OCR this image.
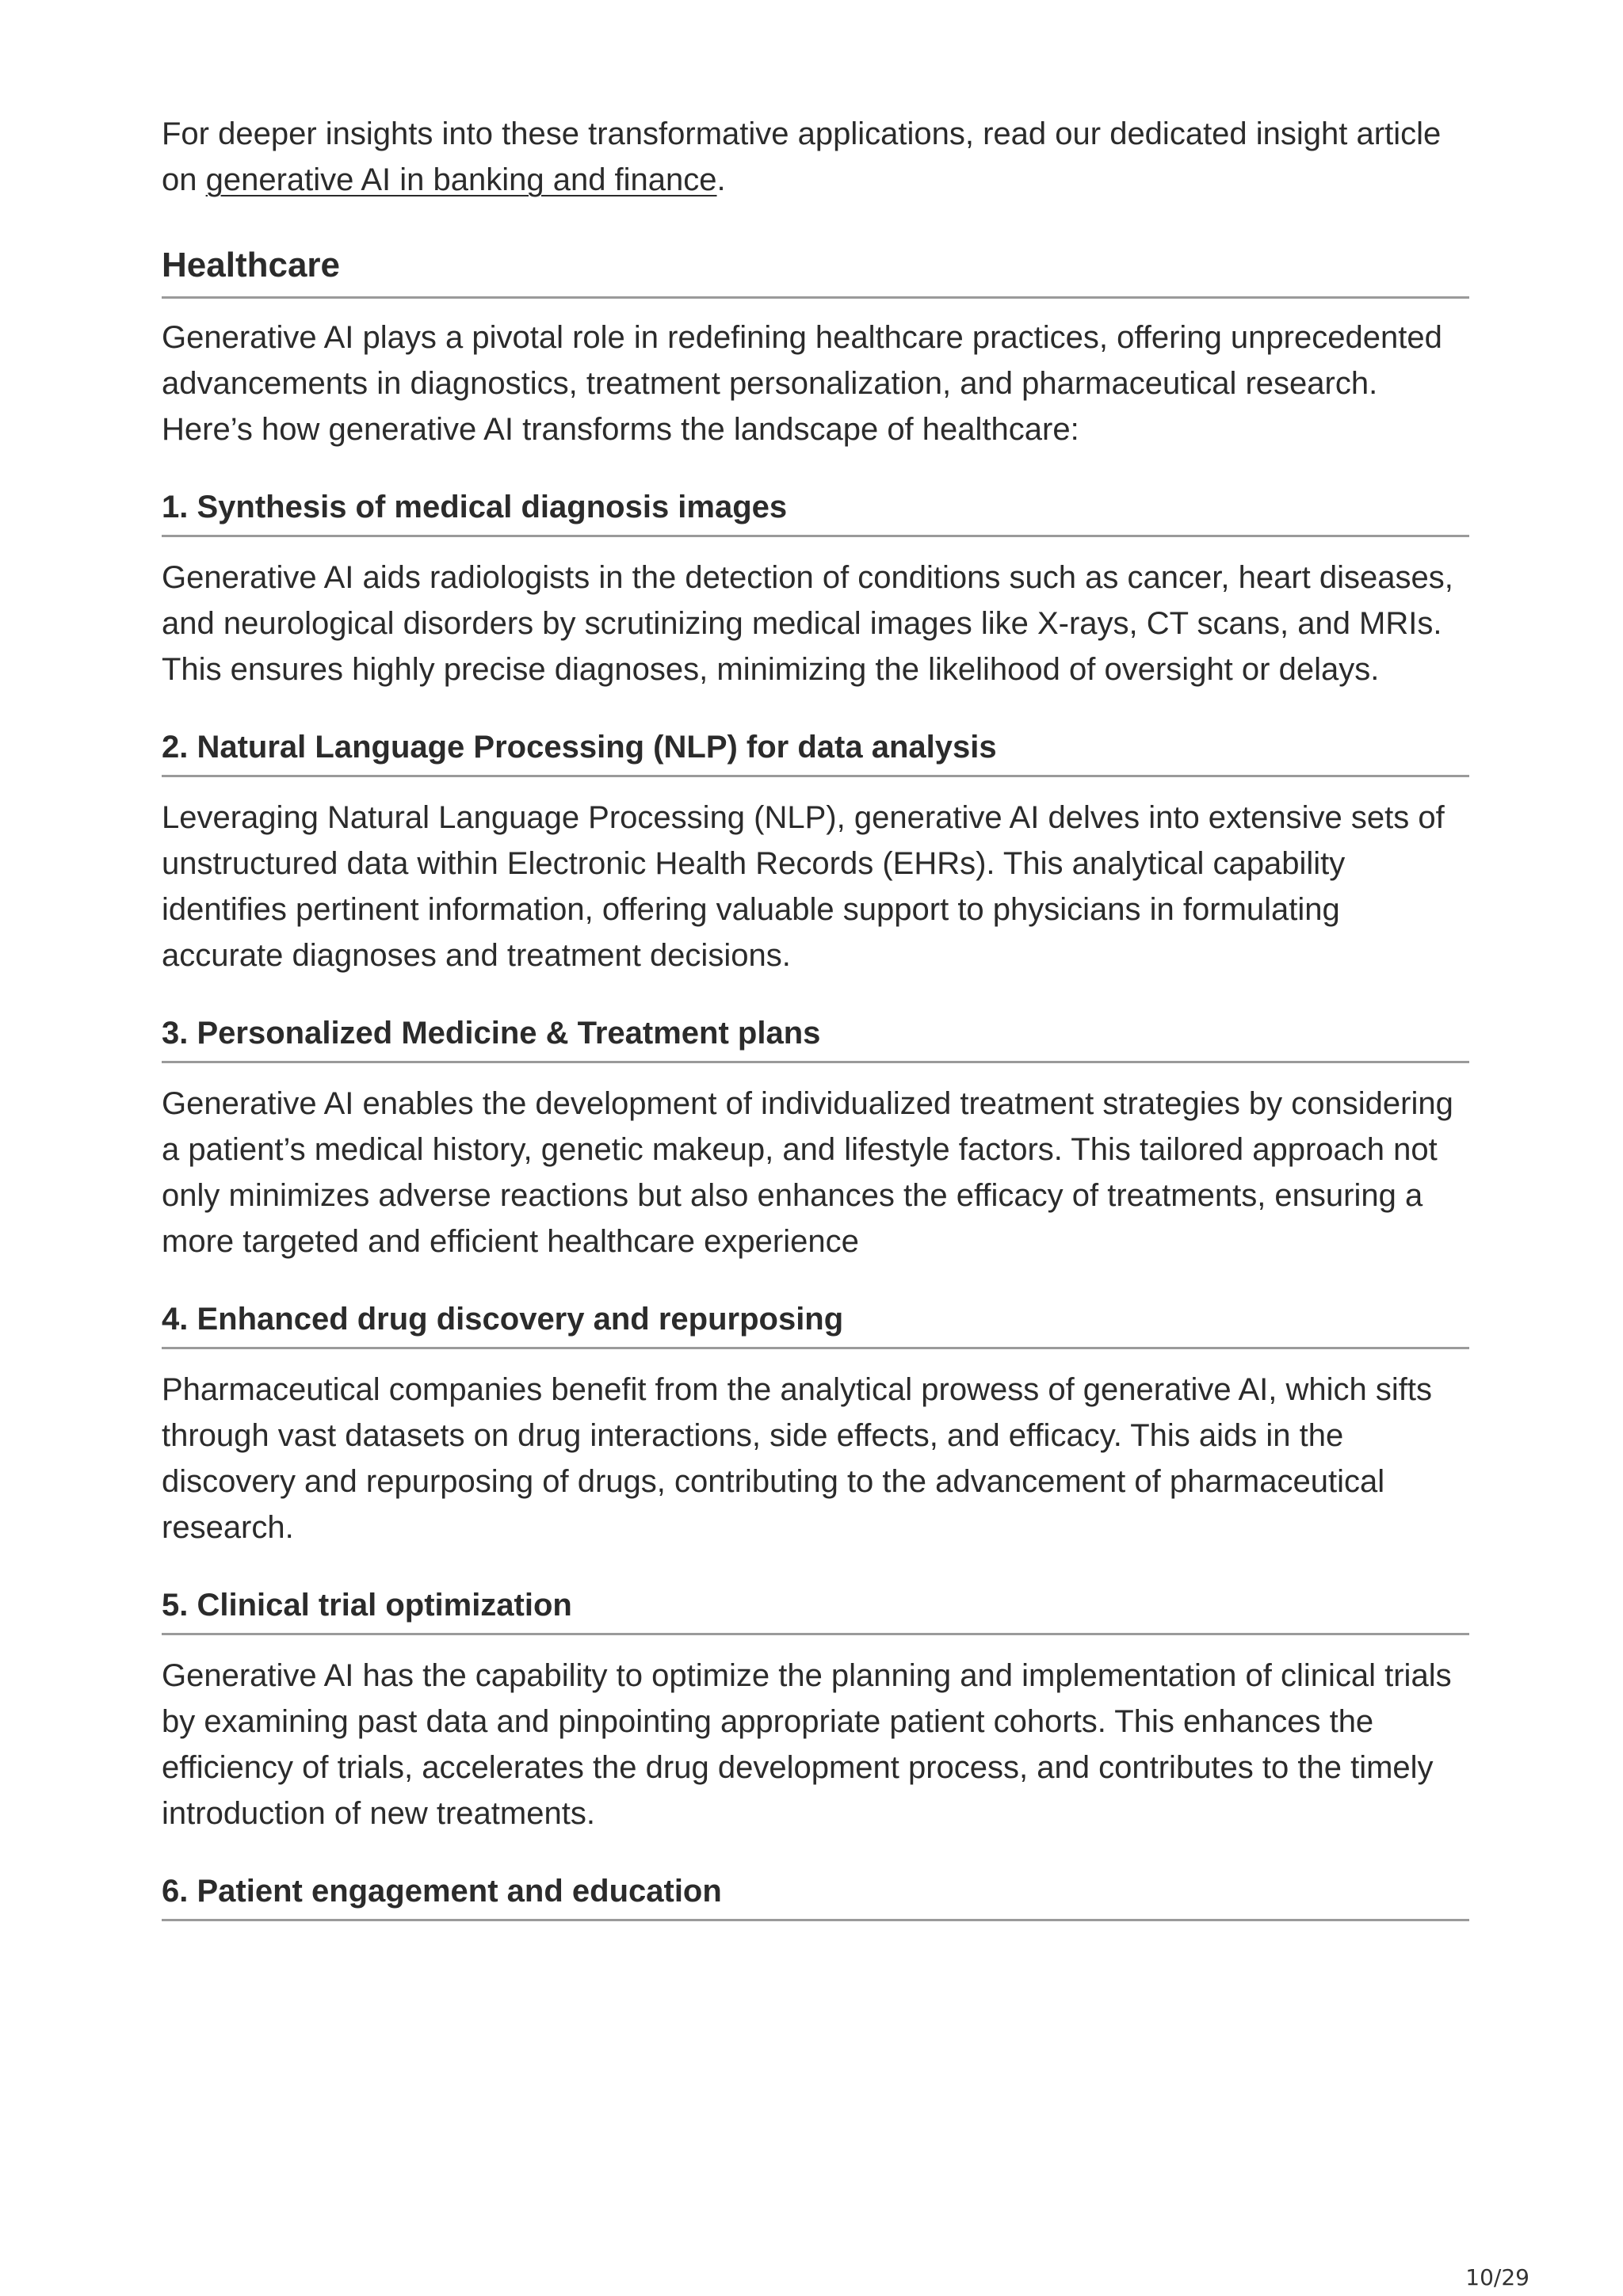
For deeper insights into these transformative applications, read our dedicated insight article on generative AI in banking and finance.

Healthcare

Generative AI plays a pivotal role in redefining healthcare practices, offering unprecedented advancements in diagnostics, treatment personalization, and pharmaceutical research. Here’s how generative AI transforms the landscape of healthcare:

1. Synthesis of medical diagnosis images

Generative AI aids radiologists in the detection of conditions such as cancer, heart diseases, and neurological disorders by scrutinizing medical images like X-rays, CT scans, and MRIs. This ensures highly precise diagnoses, minimizing the likelihood of oversight or delays.

2. Natural Language Processing (NLP) for data analysis

Leveraging Natural Language Processing (NLP), generative AI delves into extensive sets of unstructured data within Electronic Health Records (EHRs). This analytical capability identifies pertinent information, offering valuable support to physicians in formulating accurate diagnoses and treatment decisions.

3. Personalized Medicine & Treatment plans

Generative AI enables the development of individualized treatment strategies by considering a patient’s medical history, genetic makeup, and lifestyle factors. This tailored approach not only minimizes adverse reactions but also enhances the efficacy of treatments, ensuring a more targeted and efficient healthcare experience

4. Enhanced drug discovery and repurposing

Pharmaceutical companies benefit from the analytical prowess of generative AI, which sifts through vast datasets on drug interactions, side effects, and efficacy. This aids in the discovery and repurposing of drugs, contributing to the advancement of pharmaceutical research.

5. Clinical trial optimization

Generative AI has the capability to optimize the planning and implementation of clinical trials by examining past data and pinpointing appropriate patient cohorts. This enhances the efficiency of trials, accelerates the drug development process, and contributes to the timely introduction of new treatments.

6. Patient engagement and education
10/29
